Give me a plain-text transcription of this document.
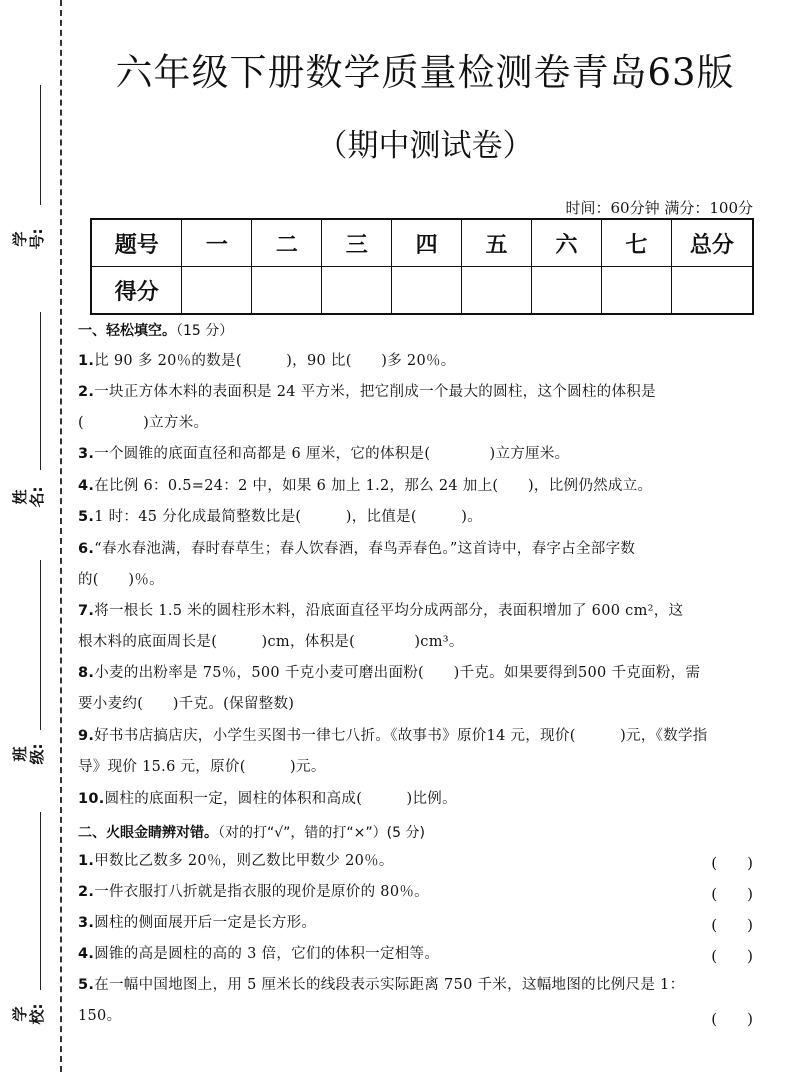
学号:
姓名:
班级:
学校:
六年级下册数学质量检测卷青岛63版
（期中测试卷）
时间：60分钟 满分：100分
题号	一	二	三	四	五	六	七	总分
得分								
一、轻松填空。（15 分）
1.比 90 多 20％的数是(　　　)，90 比(　　)多 20％。
2.一块正方体木料的表面积是 24 平方米，把它削成一个最大的圆柱，这个圆柱的体积是
(　　　　)立方米。
3.一个圆锥的底面直径和高都是 6 厘米，它的体积是(　　　　)立方厘米。
4.在比例 6：0.5=24：2 中，如果 6 加上 1.2，那么 24 加上(　　)，比例仍然成立。
5.1 时：45 分化成最简整数比是(　　　)，比值是(　　　)。
6.“春水春池满，春时春草生；春人饮春酒，春鸟弄春色。”这首诗中，春字占全部字数
的(　　)％。
7.将一根长 1.5 米的圆柱形木料，沿底面直径平均分成两部分，表面积增加了 600 cm²，这
根木料的底面周长是(　　　)cm，体积是(　　　　)cm³。
8.小麦的出粉率是 75％，500 千克小麦可磨出面粉(　　)千克。如果要得到500 千克面粉，需
要小麦约(　　)千克。(保留整数)
9.好书书店搞店庆，小学生买图书一律七八折。《故事书》原价14 元，现价(　　　)元，《数学指
导》现价 15.6 元，原价(　　　)元。
10.圆柱的底面积一定，圆柱的体积和高成(　　　)比例。
二、火眼金睛辨对错。（对的打“√”，错的打“×”）(5 分)
1.甲数比乙数多 20％，则乙数比甲数少 20％。	(　　)
2.一件衣服打八折就是指衣服的现价是原价的 80％。	(　　)
3.圆柱的侧面展开后一定是长方形。	(　　)
4.圆锥的高是圆柱的高的 3 倍，它们的体积一定相等。	(　　)
5.在一幅中国地图上，用 5 厘米长的线段表示实际距离 750 千米，这幅地图的比例尺是 1：
150。	(　　)
